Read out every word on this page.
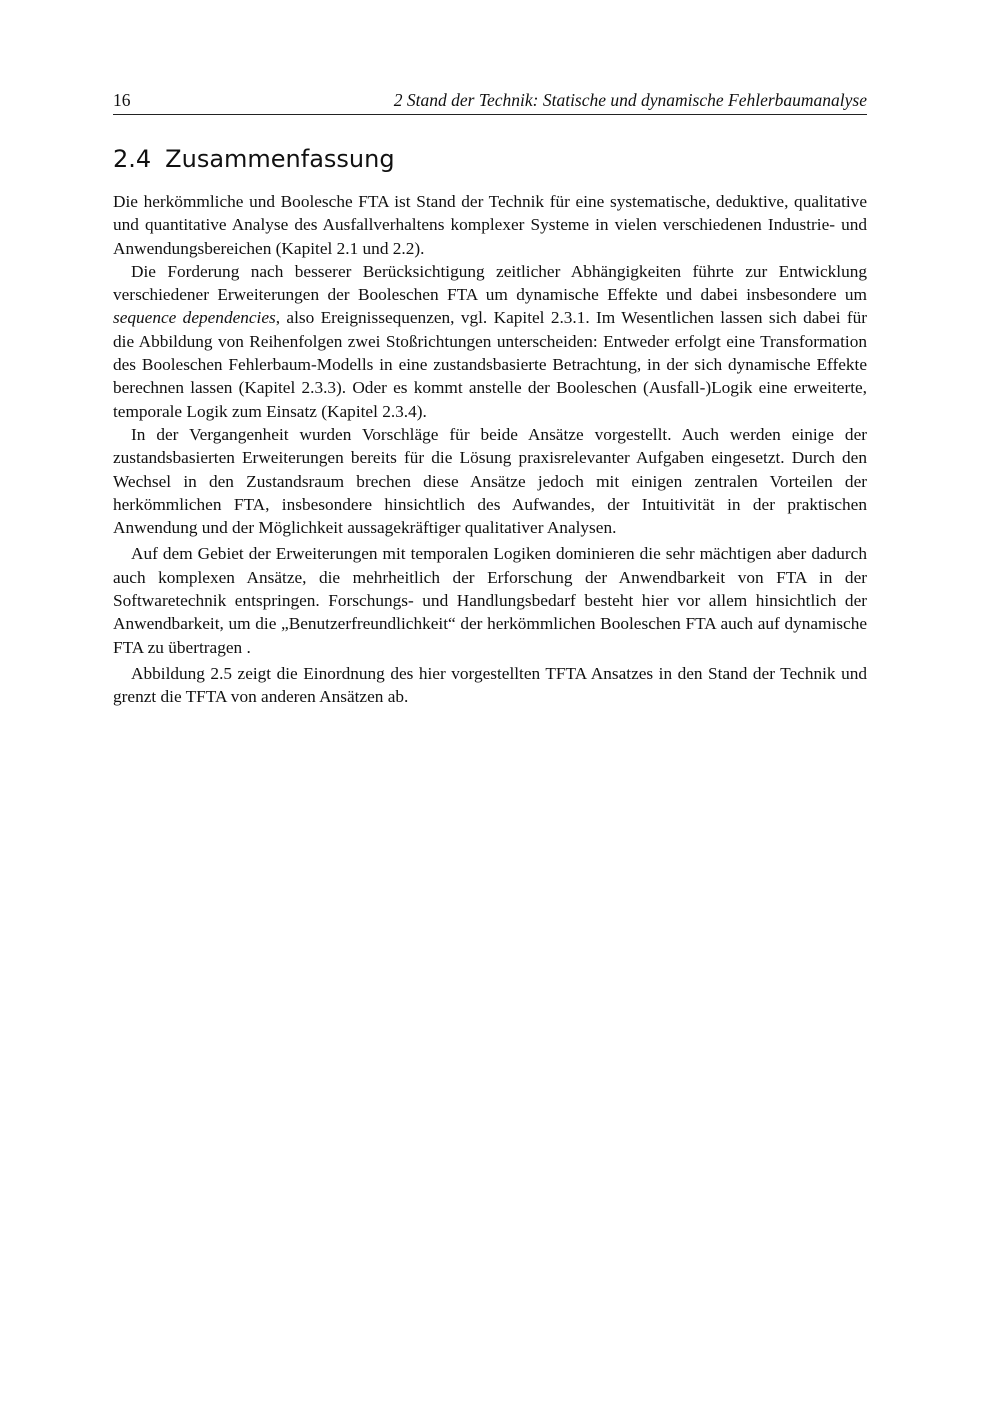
16	2 Stand der Technik: Statische und dynamische Fehlerbaumanalyse
2.4 Zusammenfassung

Die herkömmliche und Boolesche FTA ist Stand der Technik für eine systematische, deduktive, qualitative und quantitative Analyse des Ausfallverhaltens komplexer Systeme in vielen verschiedenen Industrie- und Anwendungsbereichen (Kapitel 2.1 und 2.2).

Die Forderung nach besserer Berücksichtigung zeitlicher Abhängigkeiten führte zur Entwicklung verschiedener Erweiterungen der Booleschen FTA um dynamische Effekte und dabei insbesondere um sequence dependencies, also Ereignissequenzen, vgl. Kapitel 2.3.1. Im Wesentlichen lassen sich dabei für die Abbildung von Reihenfolgen zwei Stoßrichtungen unterscheiden: Entweder erfolgt eine Transformation des Booleschen Fehlerbaum-Modells in eine zustandsbasierte Betrachtung, in der sich dynamische Effekte berechnen lassen (Kapitel 2.3.3). Oder es kommt anstelle der Booleschen (Ausfall-)Logik eine erweiterte, temporale Logik zum Einsatz (Kapitel 2.3.4).

In der Vergangenheit wurden Vorschläge für beide Ansätze vorgestellt. Auch werden einige der zustandsbasierten Erweiterungen bereits für die Lösung praxisrelevanter Aufgaben eingesetzt. Durch den Wechsel in den Zustandsraum brechen diese Ansätze jedoch mit einigen zentralen Vorteilen der herkömmlichen FTA, insbesondere hinsichtlich des Aufwandes, der Intuitivität in der praktischen Anwendung und der Möglichkeit aussagekräftiger qualitativer Analysen.

Auf dem Gebiet der Erweiterungen mit temporalen Logiken dominieren die sehr mächtigen aber dadurch auch komplexen Ansätze, die mehrheitlich der Erforschung der Anwendbarkeit von FTA in der Softwaretechnik entspringen. Forschungs- und Handlungsbedarf besteht hier vor allem hinsichtlich der Anwendbarkeit, um die „Benutzerfreundlichkeit“ der herkömmlichen Booleschen FTA auch auf dynamische FTA zu übertragen .

Abbildung 2.5 zeigt die Einordnung des hier vorgestellten TFTA Ansatzes in den Stand der Technik und grenzt die TFTA von anderen Ansätzen ab.
